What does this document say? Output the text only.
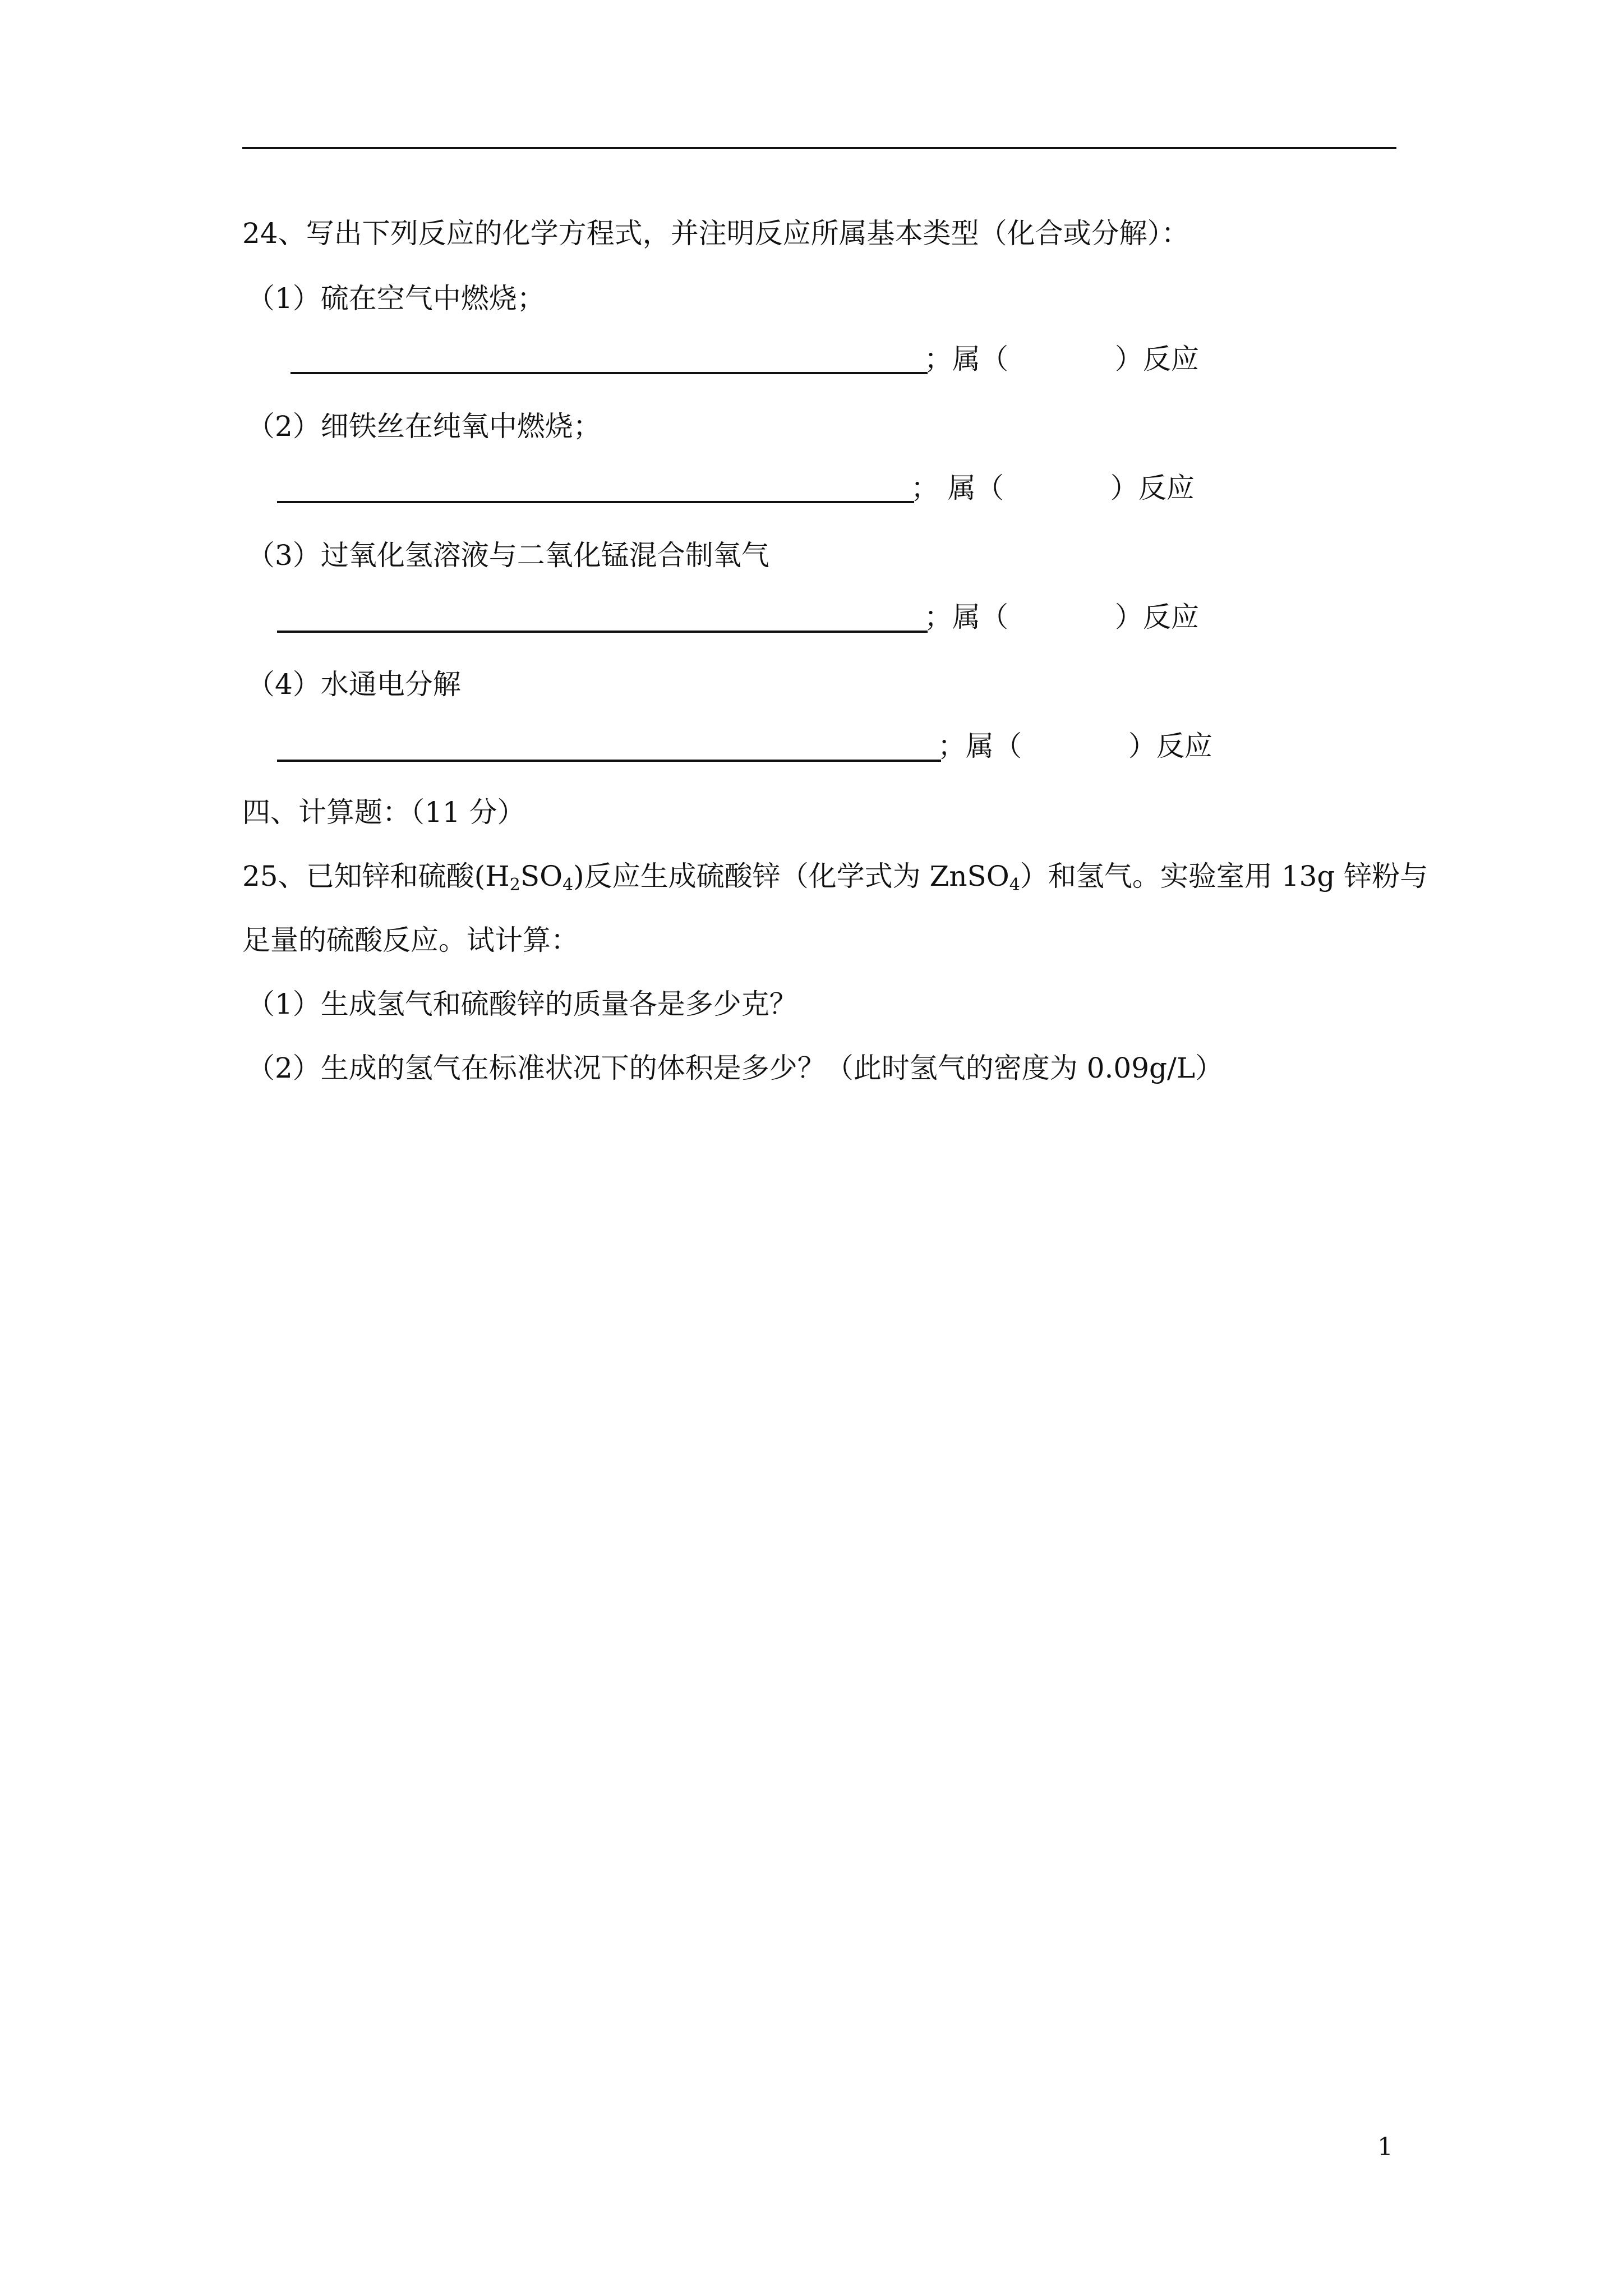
24、写出下列反应的化学方程式，并注明反应所属基本类型（化合或分解）：
（1）硫在空气中燃烧；
；属（	）反应
（2）细铁丝在纯氧中燃烧；
； 属（	）反应
（3）过氧化氢溶液与二氧化锰混合制氧气
；属（	）反应
（4）水通电分解
；属（	）反应
四、计算题：（11 分）
25、已知锌和硫酸$(H_2SO_4)$反应生成硫酸锌（化学式为 ZnSO$_4$）和氢气。实验室用 13g 锌粉与
足量的硫酸反应。试计算：
（1）生成氢气和硫酸锌的质量各是多少克？
（2）生成的氢气在标准状况下的体积是多少？（此时氢气的密度为 0.09g/L）
1
